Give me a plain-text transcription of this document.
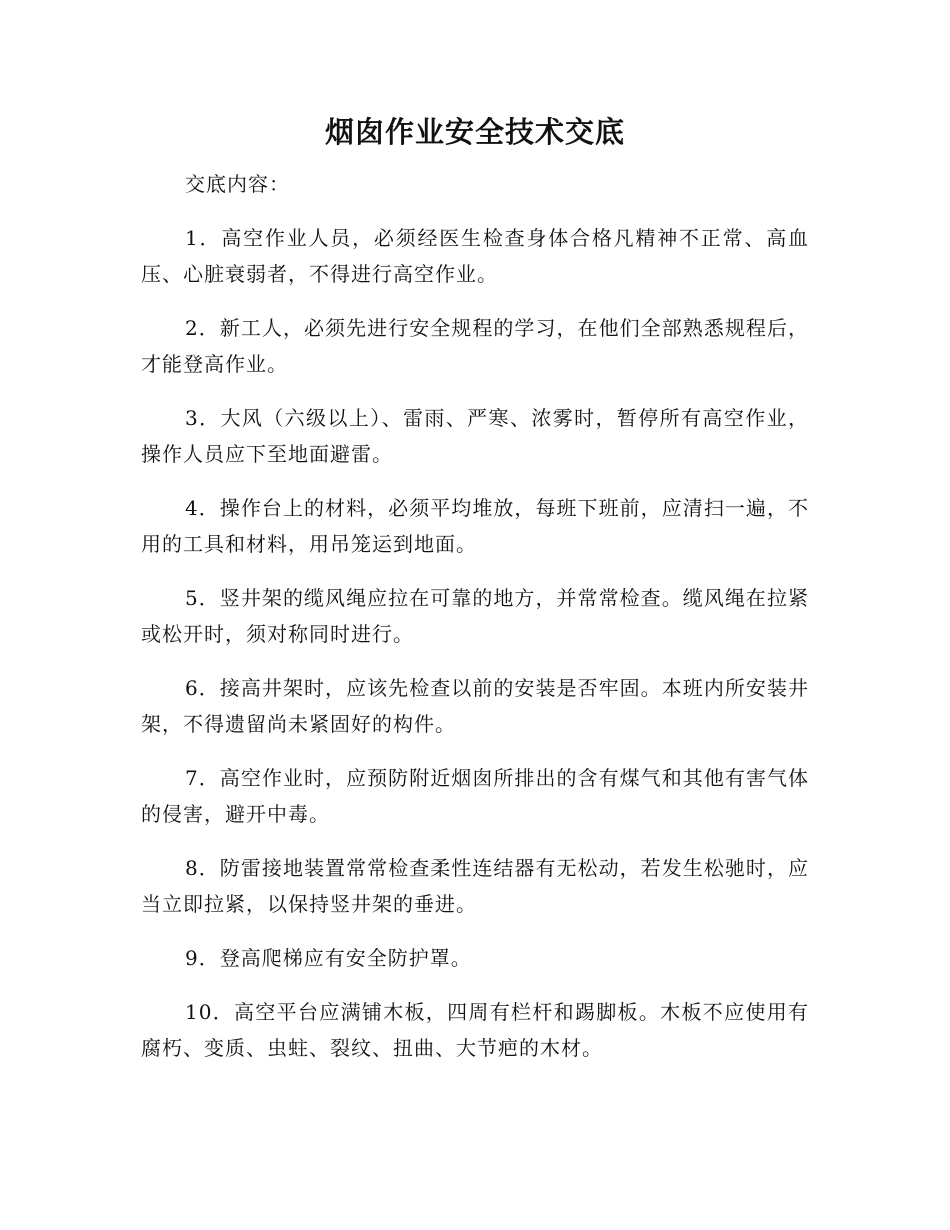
烟囱作业安全技术交底

交底内容：

1．高空作业人员，必须经医生检查身体合格凡精神不正常、高血压、心脏衰弱者，不得进行高空作业。

2．新工人，必须先进行安全规程的学习，在他们全部熟悉规程后，才能登高作业。

3．大风（六级以上）、雷雨、严寒、浓雾时，暂停所有高空作业，操作人员应下至地面避雷。

4．操作台上的材料，必须平均堆放，每班下班前，应清扫一遍，不用的工具和材料，用吊笼运到地面。

5．竖井架的缆风绳应拉在可靠的地方，并常常检查。缆风绳在拉紧或松开时，须对称同时进行。

6．接高井架时，应该先检查以前的安装是否牢固。本班内所安装井架，不得遗留尚未紧固好的构件。

7．高空作业时，应预防附近烟囱所排出的含有煤气和其他有害气体的侵害，避开中毒。

8．防雷接地装置常常检查柔性连结器有无松动，若发生松驰时，应当立即拉紧，以保持竖井架的垂进。

9．登高爬梯应有安全防护罩。

10．高空平台应满铺木板，四周有栏杆和踢脚板。木板不应使用有腐朽、变质、虫蛀、裂纹、扭曲、大节疤的木材。
